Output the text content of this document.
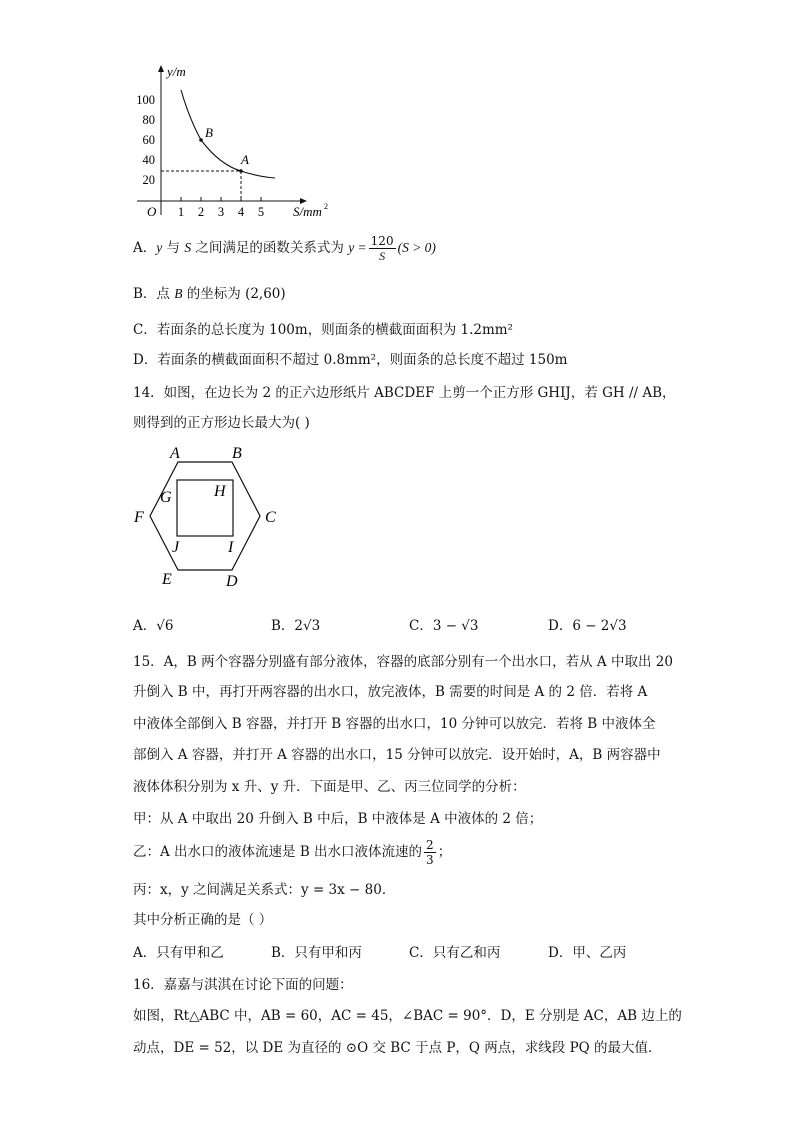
y/m
S/mm 2
O
100
80
60
40
20
1 2 3 4 5
B
A
A．y 与 S 之间满足的函数关系式为 $y = \frac{120}{S} (S > 0)$
B．点 B 的坐标为 (2,60)
C．若面条的总长度为 100m，则面条的横截面面积为 1.2mm²
D．若面条的横截面面积不超过 0.8mm²，则面条的总长度不超过 150m
14．如图，在边长为 2 的正六边形纸片 ABCDEF 上剪一个正方形 GHIJ，若 GH // AB，
则得到的正方形边长最大为( )
A	B
C
D
E
F
G	H
I
J
A．√6	B．2√3	C．3 − √3	D．6 − 2√3
15．A，B 两个容器分别盛有部分液体，容器的底部分别有一个出水口，若从 A 中取出 20
升倒入 B 中，再打开两容器的出水口，放完液体，B 需要的时间是 A 的 2 倍．若将 A
中液体全部倒入 B 容器，并打开 B 容器的出水口，10 分钟可以放完．若将 B 中液体全
部倒入 A 容器，并打开 A 容器的出水口，15 分钟可以放完．设开始时，A，B 两容器中
液体体积分别为 x 升、y 升．下面是甲、乙、丙三位同学的分析：
甲：从 A 中取出 20 升倒入 B 中后，B 中液体是 A 中液体的 2 倍；
乙：A 出水口的液体流速是 B 出水口液体流速的 $\frac{2}{3}$ ；
丙：x，y 之间满足关系式：y = 3x − 80．
其中分析正确的是（ ）
A．只有甲和乙	B．只有甲和丙	C．只有乙和丙	D．甲、乙丙
16．嘉嘉与淇淇在讨论下面的问题：
如图，Rt△ABC 中，AB = 60，AC = 45，∠BAC = 90°．D，E 分别是 AC，AB 边上的
动点，DE = 52，以 DE 为直径的 ⊙O 交 BC 于点 P，Q 两点，求线段 PQ 的最大值．
